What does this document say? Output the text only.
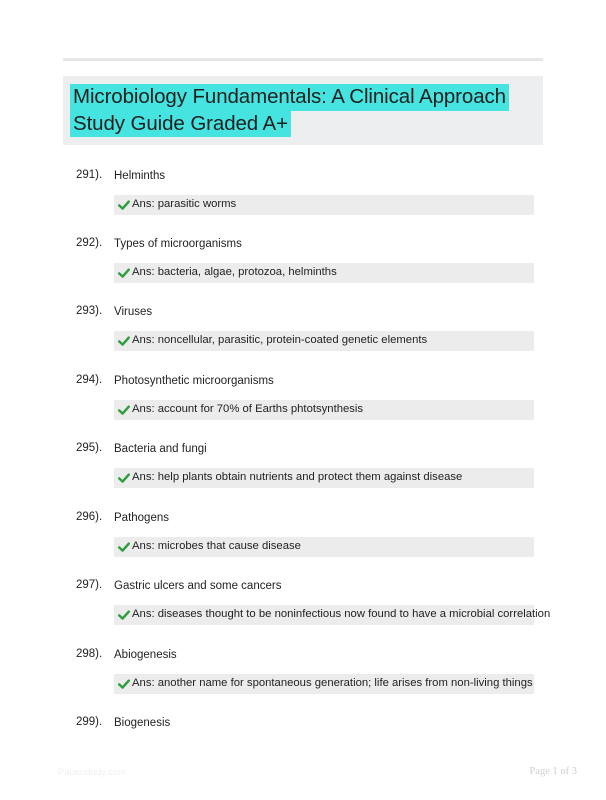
Microbiology Fundamentals: A Clinical Approach
Study Guide Graded A+
291). Helminths
Ans: parasitic worms
292). Types of microorganisms
Ans: bacteria, algae, protozoa, helminths
293). Viruses
Ans: noncellular, parasitic, protein-coated genetic elements
294). Photosynthetic microorganisms
Ans: account for 70% of Earths phtotsynthesis
295). Bacteria and fungi
Ans: help plants obtain nutrients and protect them against disease
296). Pathogens
Ans: microbes that cause disease
297). Gastric ulcers and some cancers
Ans: diseases thought to be noninfectious now found to have a microbial correlation
298). Abiogenesis
Ans: another name for spontaneous generation; life arises from non-living things
299). Biogenesis
Paperstudy.com	Page 1 of 3
